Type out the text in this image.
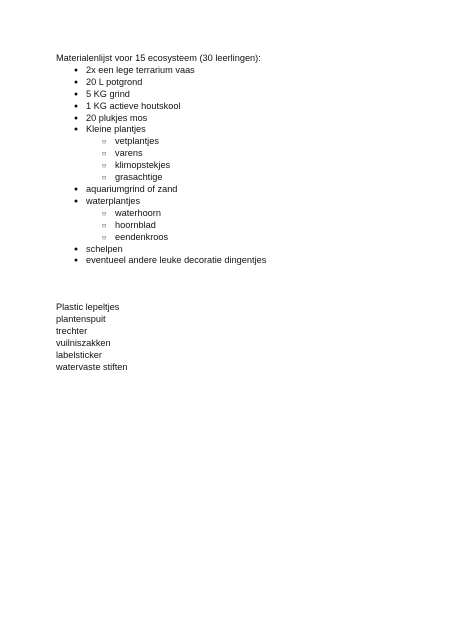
Materialenlijst voor 15 ecosysteem (30 leerlingen):

● 2x een lege terrarium vaas
● 20 L potgrond
● 5 KG grind
● 1 KG actieve houtskool
● 20 plukjes mos
● Kleine plantjes
○ vetplantjes
○ varens
○ klimopstekjes
○ grasachtige
● aquariumgrind of zand
● waterplantjes
○ waterhoorn
○ hoornblad
○ eendenkroos
● schelpen
● eventueel andere leuke decoratie dingentjes
Plastic lepeltjes
plantenspuit
trechter
vuilniszakken
labelsticker
watervaste stiften
